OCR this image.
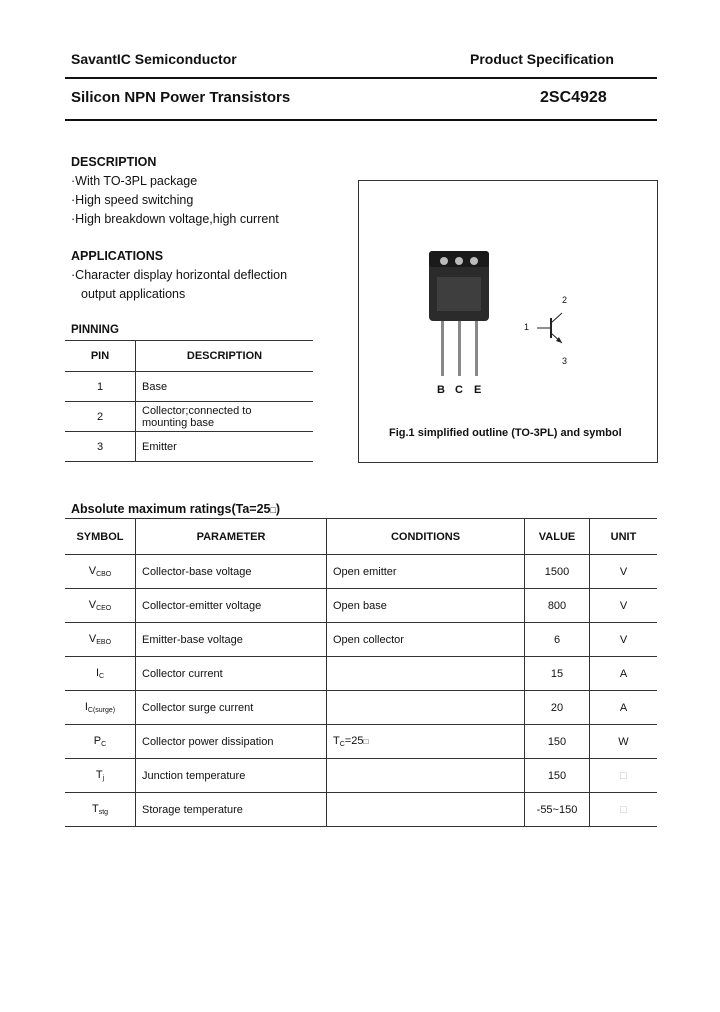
SavantIC Semiconductor	Product Specification
Silicon NPN Power Transistors	2SC4928
DESCRIPTION
·With TO-3PL package
·High speed switching
·High breakdown voltage,high current
APPLICATIONS
·Character display horizontal deflection
output applications
PINNING
PIN	DESCRIPTION
1	Base
2	Collector;connected to
mounting base
3	Emitter
B C E
1
2
3
Fig.1 simplified outline (TO-3PL) and symbol
Absolute maximum ratings(Ta=25□)
SYMBOL	PARAMETER	CONDITIONS	VALUE	UNIT
$V_{CBO}$	Collector-base voltage	Open emitter	1500	V
$V_{CEO}$	Collector-emitter voltage	Open base	800	V
$V_{EBO}$	Emitter-base voltage	Open collector	6	V
$I_C$	Collector current		15	A
$I_{C(surge)}$	Collector surge current		20	A
$P_C$	Collector power dissipation	$T_C=25□$	150	W
$T_j$	Junction temperature		150	□
$T_{stg}$	Storage temperature		-55~150	□
